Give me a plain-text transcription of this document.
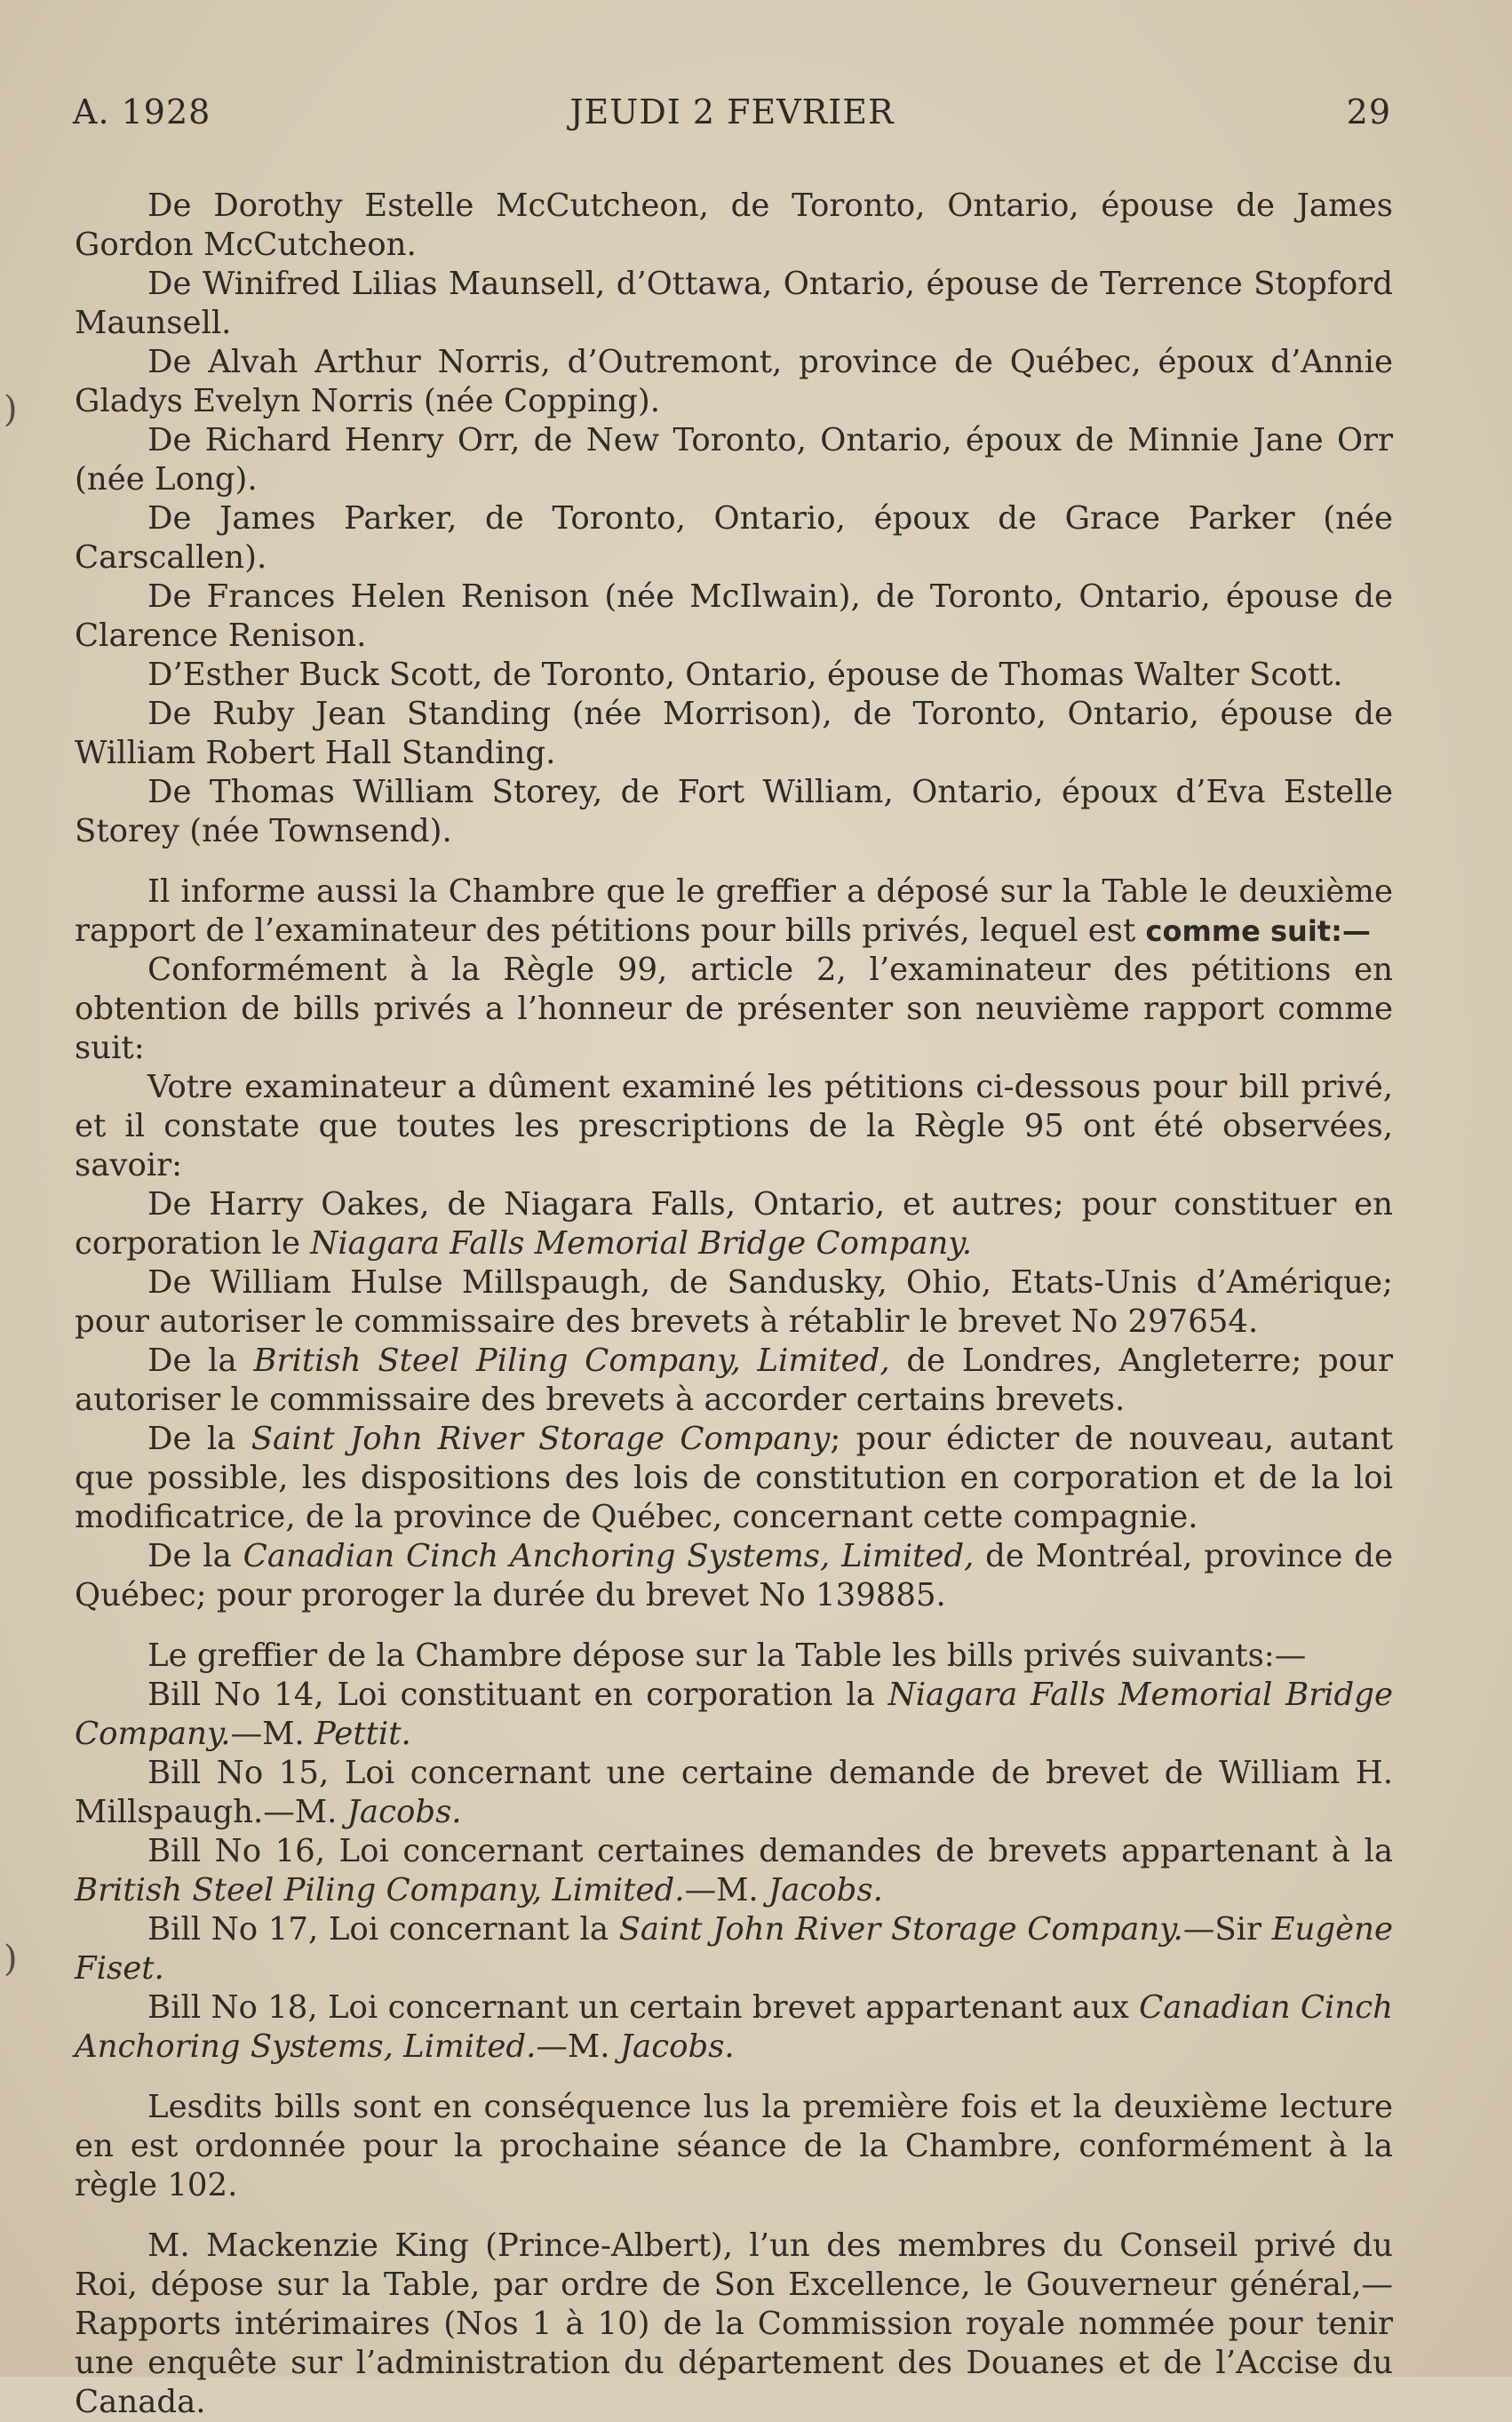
A. 1928	JEUDI 2 FEVRIER	29
)
)

De Dorothy Estelle McCutcheon, de Toronto, Ontario, épouse de James Gordon McCutcheon.

De Winifred Lilias Maunsell, d’Ottawa, Ontario, épouse de Terrence Stopford Maunsell.

De Alvah Arthur Norris, d’Outremont, province de Québec, époux d’Annie Gladys Evelyn Norris (née Copping).

De Richard Henry Orr, de New Toronto, Ontario, époux de Minnie Jane Orr (née Long).

De James Parker, de Toronto, Ontario, époux de Grace Parker (née Carscallen).

De Frances Helen Renison (née McIlwain), de Toronto, Ontario, épouse de Clarence Renison.

D’Esther Buck Scott, de Toronto, Ontario, épouse de Thomas Walter Scott.

De Ruby Jean Standing (née Morrison), de Toronto, Ontario, épouse de William Robert Hall Standing.

De Thomas William Storey, de Fort William, Ontario, époux d’Eva Estelle Storey (née Townsend).

Il informe aussi la Chambre que le greffier a déposé sur la Table le deuxième rapport de l’examinateur des pétitions pour bills privés, lequel est comme suit:—

Conformément à la Règle 99, article 2, l’examinateur des pétitions en obtention de bills privés a l’honneur de présenter son neuvième rapport comme suit:

Votre examinateur a dûment examiné les pétitions ci-dessous pour bill privé, et il constate que toutes les prescriptions de la Règle 95 ont été observées, savoir:

De Harry Oakes, de Niagara Falls, Ontario, et autres; pour constituer en corporation le Niagara Falls Memorial Bridge Company.

De William Hulse Millspaugh, de Sandusky, Ohio, Etats-Unis d’Amérique; pour autoriser le commissaire des brevets à rétablir le brevet No 297654.

De la British Steel Piling Company, Limited, de Londres, Angleterre; pour autoriser le commissaire des brevets à accorder certains brevets.

De la Saint John River Storage Company; pour édicter de nouveau, autant que possible, les dispositions des lois de constitution en corporation et de la loi modificatrice, de la province de Québec, concernant cette compagnie.

De la Canadian Cinch Anchoring Systems, Limited, de Montréal, province de Québec; pour proroger la durée du brevet No 139885.

Le greffier de la Chambre dépose sur la Table les bills privés suivants:—

Bill No 14, Loi constituant en corporation la Niagara Falls Memorial Bridge Company.—M. Pettit.

Bill No 15, Loi concernant une certaine demande de brevet de William H. Millspaugh.—M. Jacobs.

Bill No 16, Loi concernant certaines demandes de brevets appartenant à la British Steel Piling Company, Limited.—M. Jacobs.

Bill No 17, Loi concernant la Saint John River Storage Company.—Sir Eugène Fiset.

Bill No 18, Loi concernant un certain brevet appartenant aux Canadian Cinch Anchoring Systems, Limited.—M. Jacobs.

Lesdits bills sont en conséquence lus la première fois et la deuxième lecture en est ordonnée pour la prochaine séance de la Chambre, conformément à la règle 102.

M. Mackenzie King (Prince-Albert), l’un des membres du Conseil privé du Roi, dépose sur la Table, par ordre de Son Excellence, le Gouverneur général,—Rapports intérimaires (Nos 1 à 10) de la Commission royale nommée pour tenir une enquête sur l’administration du département des Douanes et de l’Accise du Canada.
